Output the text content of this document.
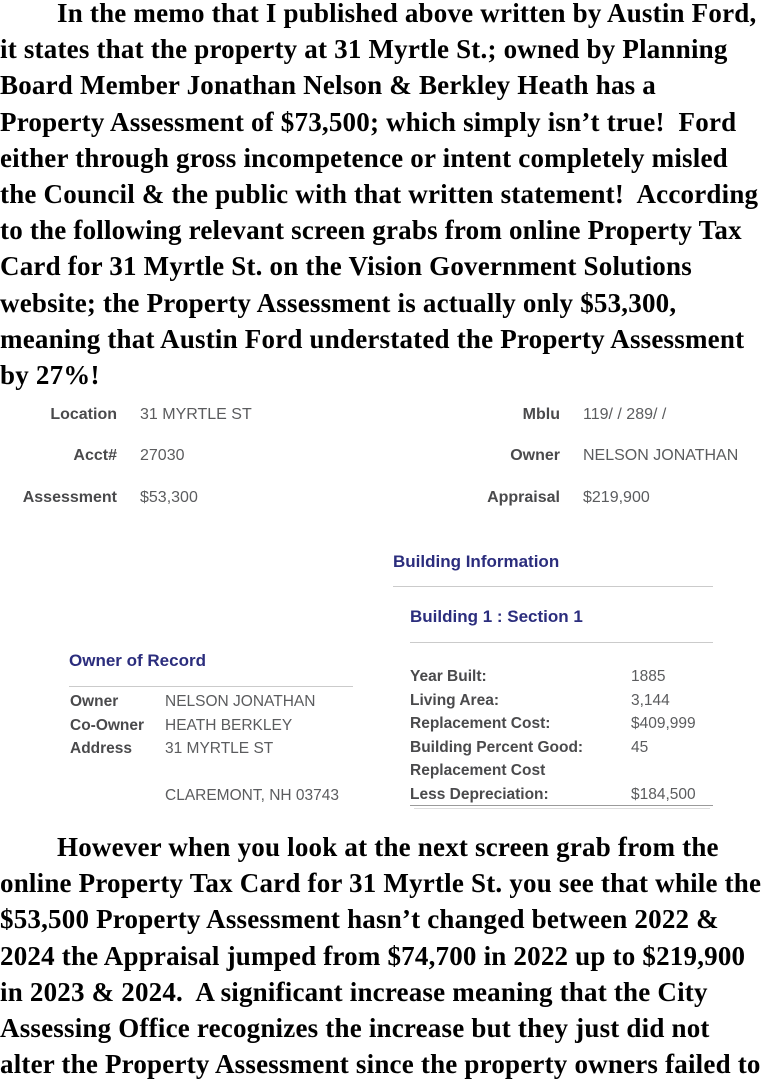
In the memo that I published above written by Austin Ford,
it states that the property at 31 Myrtle St.; owned by Planning
Board Member Jonathan Nelson & Berkley Heath has a
Property Assessment of $73,500; which simply isn’t true!  Ford
either through gross incompetence or intent completely misled
the Council & the public with that written statement!  According
to the following relevant screen grabs from online Property Tax
Card for 31 Myrtle St. on the Vision Government Solutions
website; the Property Assessment is actually only $53,300,
meaning that Austin Ford understated the Property Assessment
by 27%!
Location 31 MYRTLE ST
Acct# 27030
Assessment $53,300
Mblu 119/ / 289/ /
Owner NELSON JONATHAN
Appraisal $219,900
Building Information
Building 1 : Section 1
Year Built:	1885
Living Area:	3,144
Replacement Cost:	$409,999
Building Percent Good:	45
Replacement Cost
Less Depreciation:	$184,500
Owner of Record
Owner	NELSON JONATHAN
Co-Owner HEATH BERKLEY
Address 31 MYRTLE ST
CLAREMONT, NH 03743
However when you look at the next screen grab from the
online Property Tax Card for 31 Myrtle St. you see that while the
$53,500 Property Assessment hasn’t changed between 2022 &
2024 the Appraisal jumped from $74,700 in 2022 up to $219,900
in 2023 & 2024.  A significant increase meaning that the City
Assessing Office recognizes the increase but they just did not
alter the Property Assessment since the property owners failed to
